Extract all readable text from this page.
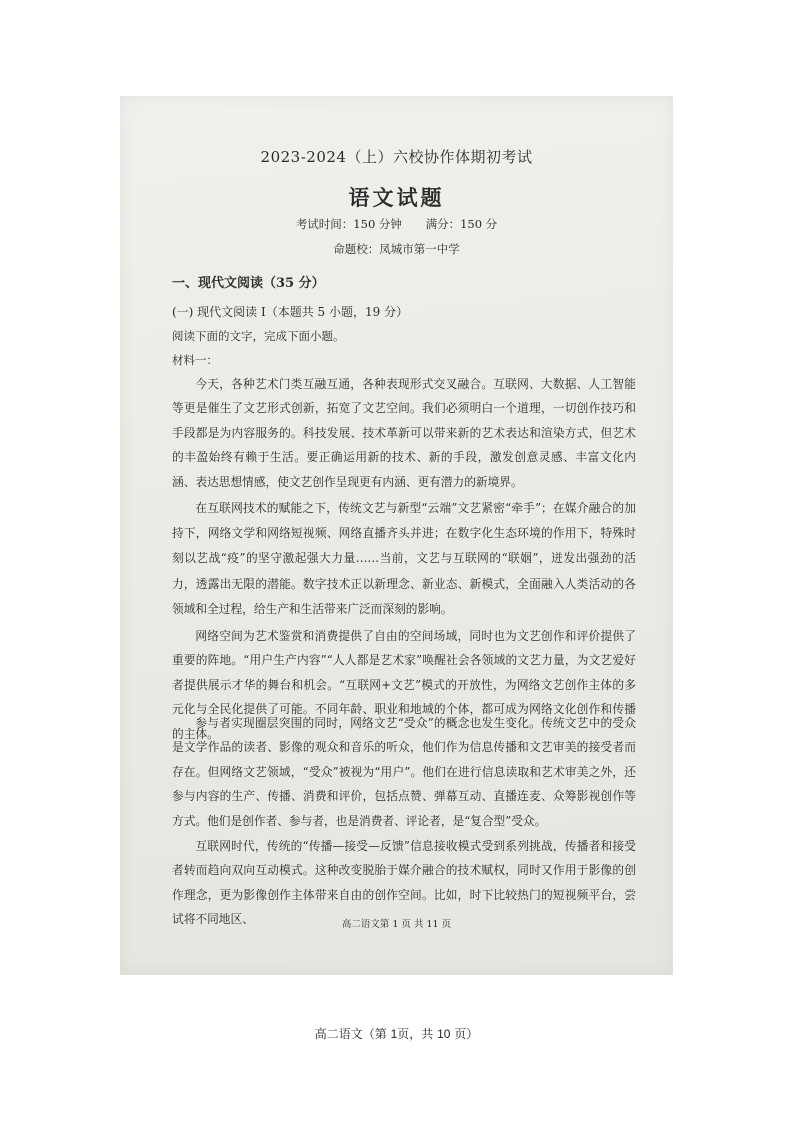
2023-2024（上）六校协作体期初考试
语文试题
考试时间：150 分钟 满分：150 分
命题校：凤城市第一中学
一、现代文阅读（35 分）
(一) 现代文阅读 I（本题共 5 小题，19 分）
阅读下面的文字，完成下面小题。
材料一：
今天，各种艺术门类互融互通，各种表现形式交叉融合。互联网、大数据、人工智能等更是催生了文艺形式创新，拓宽了文艺空间。我们必须明白一个道理，一切创作技巧和手段都是为内容服务的。科技发展、技术革新可以带来新的艺术表达和渲染方式，但艺术的丰盈始终有赖于生活。要正确运用新的技术、新的手段，激发创意灵感、丰富文化内涵、表达思想情感，使文艺创作呈现更有内涵、更有潜力的新境界。
在互联网技术的赋能之下，传统文艺与新型“云端”文艺紧密“牵手”；在媒介融合的加持下，网络文学和网络短视频、网络直播齐头并进；在数字化生态环境的作用下，特殊时刻以艺战“疫”的坚守激起强大力量……当前，文艺与互联网的“联姻”，迸发出强劲的活力，透露出无限的潜能。数字技术正以新理念、新业态、新模式，全面融入人类活动的各领域和全过程，给生产和生活带来广泛而深刻的影响。
网络空间为艺术鉴赏和消费提供了自由的空间场域，同时也为文艺创作和评价提供了重要的阵地。“用户生产内容”“人人都是艺术家”唤醒社会各领域的文艺力量，为文艺爱好者提供展示才华的舞台和机会。“互联网+文艺”模式的开放性，为网络文艺创作主体的多元化与全民化提供了可能。不同年龄、职业和地域的个体，都可成为网络文化创作和传播的主体。
参与者实现圈层突围的同时，网络文艺“受众”的概念也发生变化。传统文艺中的受众是文学作品的读者、影像的观众和音乐的听众，他们作为信息传播和文艺审美的接受者而存在。但网络文艺领域，“受众”被视为“用户”。他们在进行信息读取和艺术审美之外，还参与内容的生产、传播、消费和评价，包括点赞、弹幕互动、直播连麦、众筹影视创作等方式。他们是创作者、参与者，也是消费者、评论者，是“复合型”受众。
互联网时代，传统的“传播—接受—反馈”信息接收模式受到系列挑战，传播者和接受者转而趋向双向互动模式。这种改变脱胎于媒介融合的技术赋权，同时又作用于影像的创作理念，更为影像创作主体带来自由的创作空间。比如，时下比较热门的短视频平台，尝试将不同地区、	高二语文第 1 页 共 11 页
高二语文（第 1页，共 10 页）
